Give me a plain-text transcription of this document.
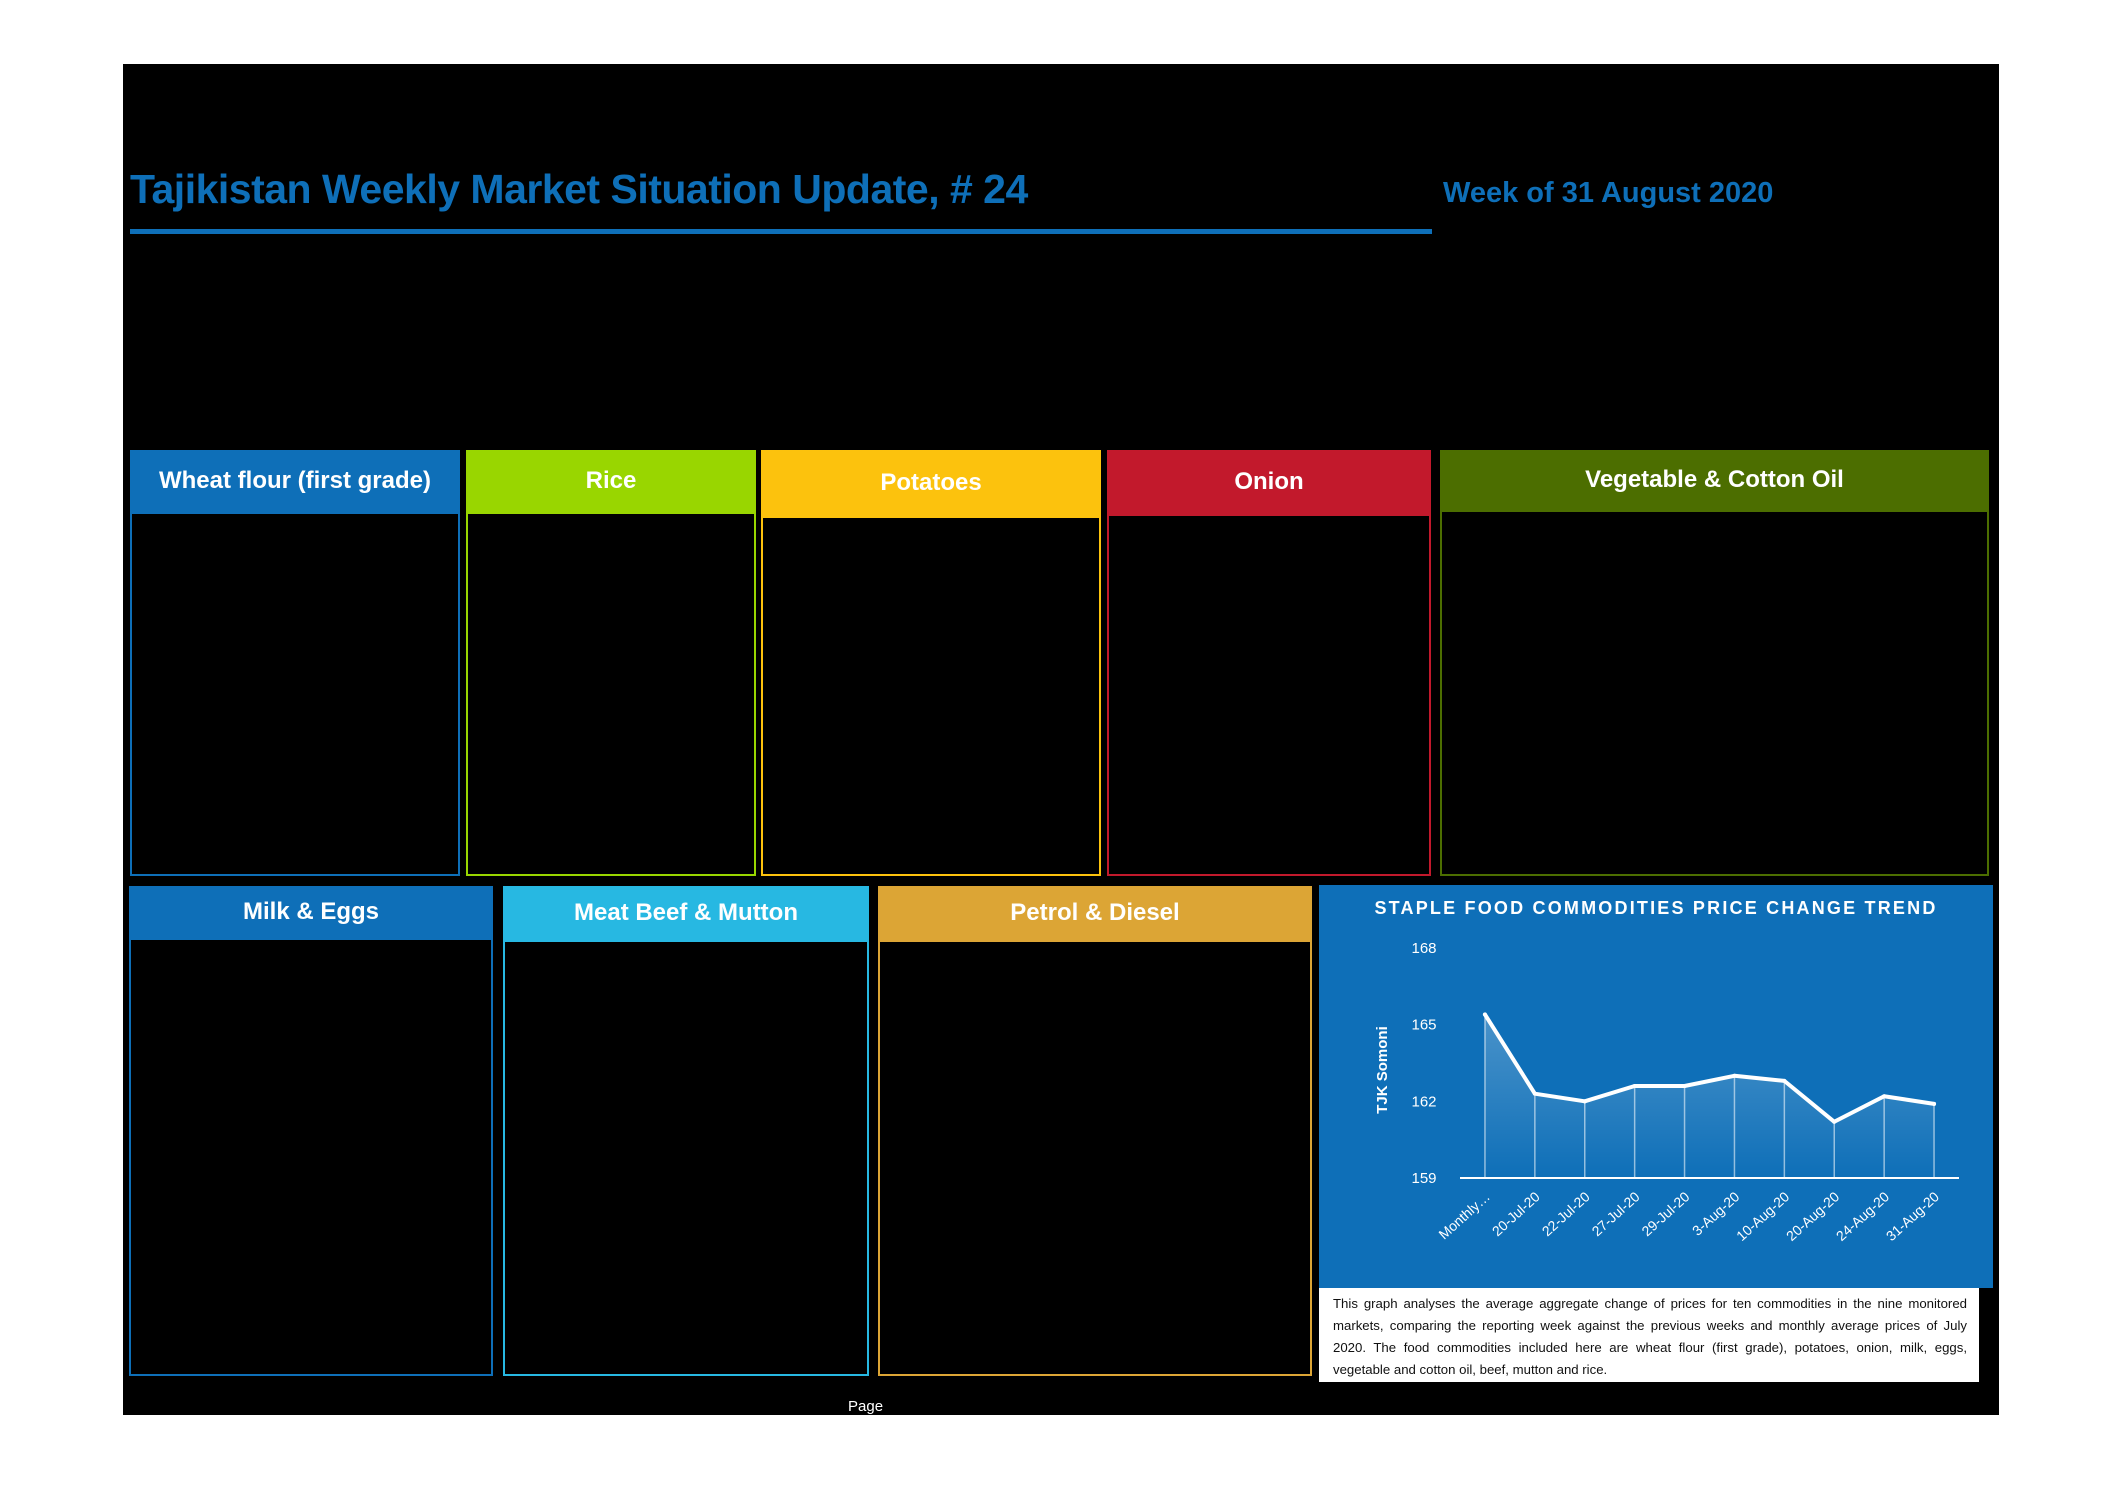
Tajikistan Weekly Market Situation Update, # 24	Week of 31 August 2020
Wheat flour (first grade)	Rice	Potatoes	Onion	Vegetable & Cotton Oil
Milk & Eggs	Meat Beef & Mutton	Petrol & Diesel	STAPLE FOOD COMMODITIES PRICE CHANGE TREND
168
165
162
159
TJK Somoni
Monthly…
20-Jul-20
22-Jul-20
27-Jul-20
29-Jul-20
3-Aug-20
10-Aug-20
20-Aug-20
24-Aug-20
31-Aug-20
This graph analyses the average aggregate change of prices for ten commodities in the nine monitored markets, comparing the reporting week against the previous weeks and monthly average prices of July 2020. The food commodities included here are wheat flour (first grade), potatoes, onion, milk, eggs, vegetable and cotton oil, beef, mutton and rice.
Page
